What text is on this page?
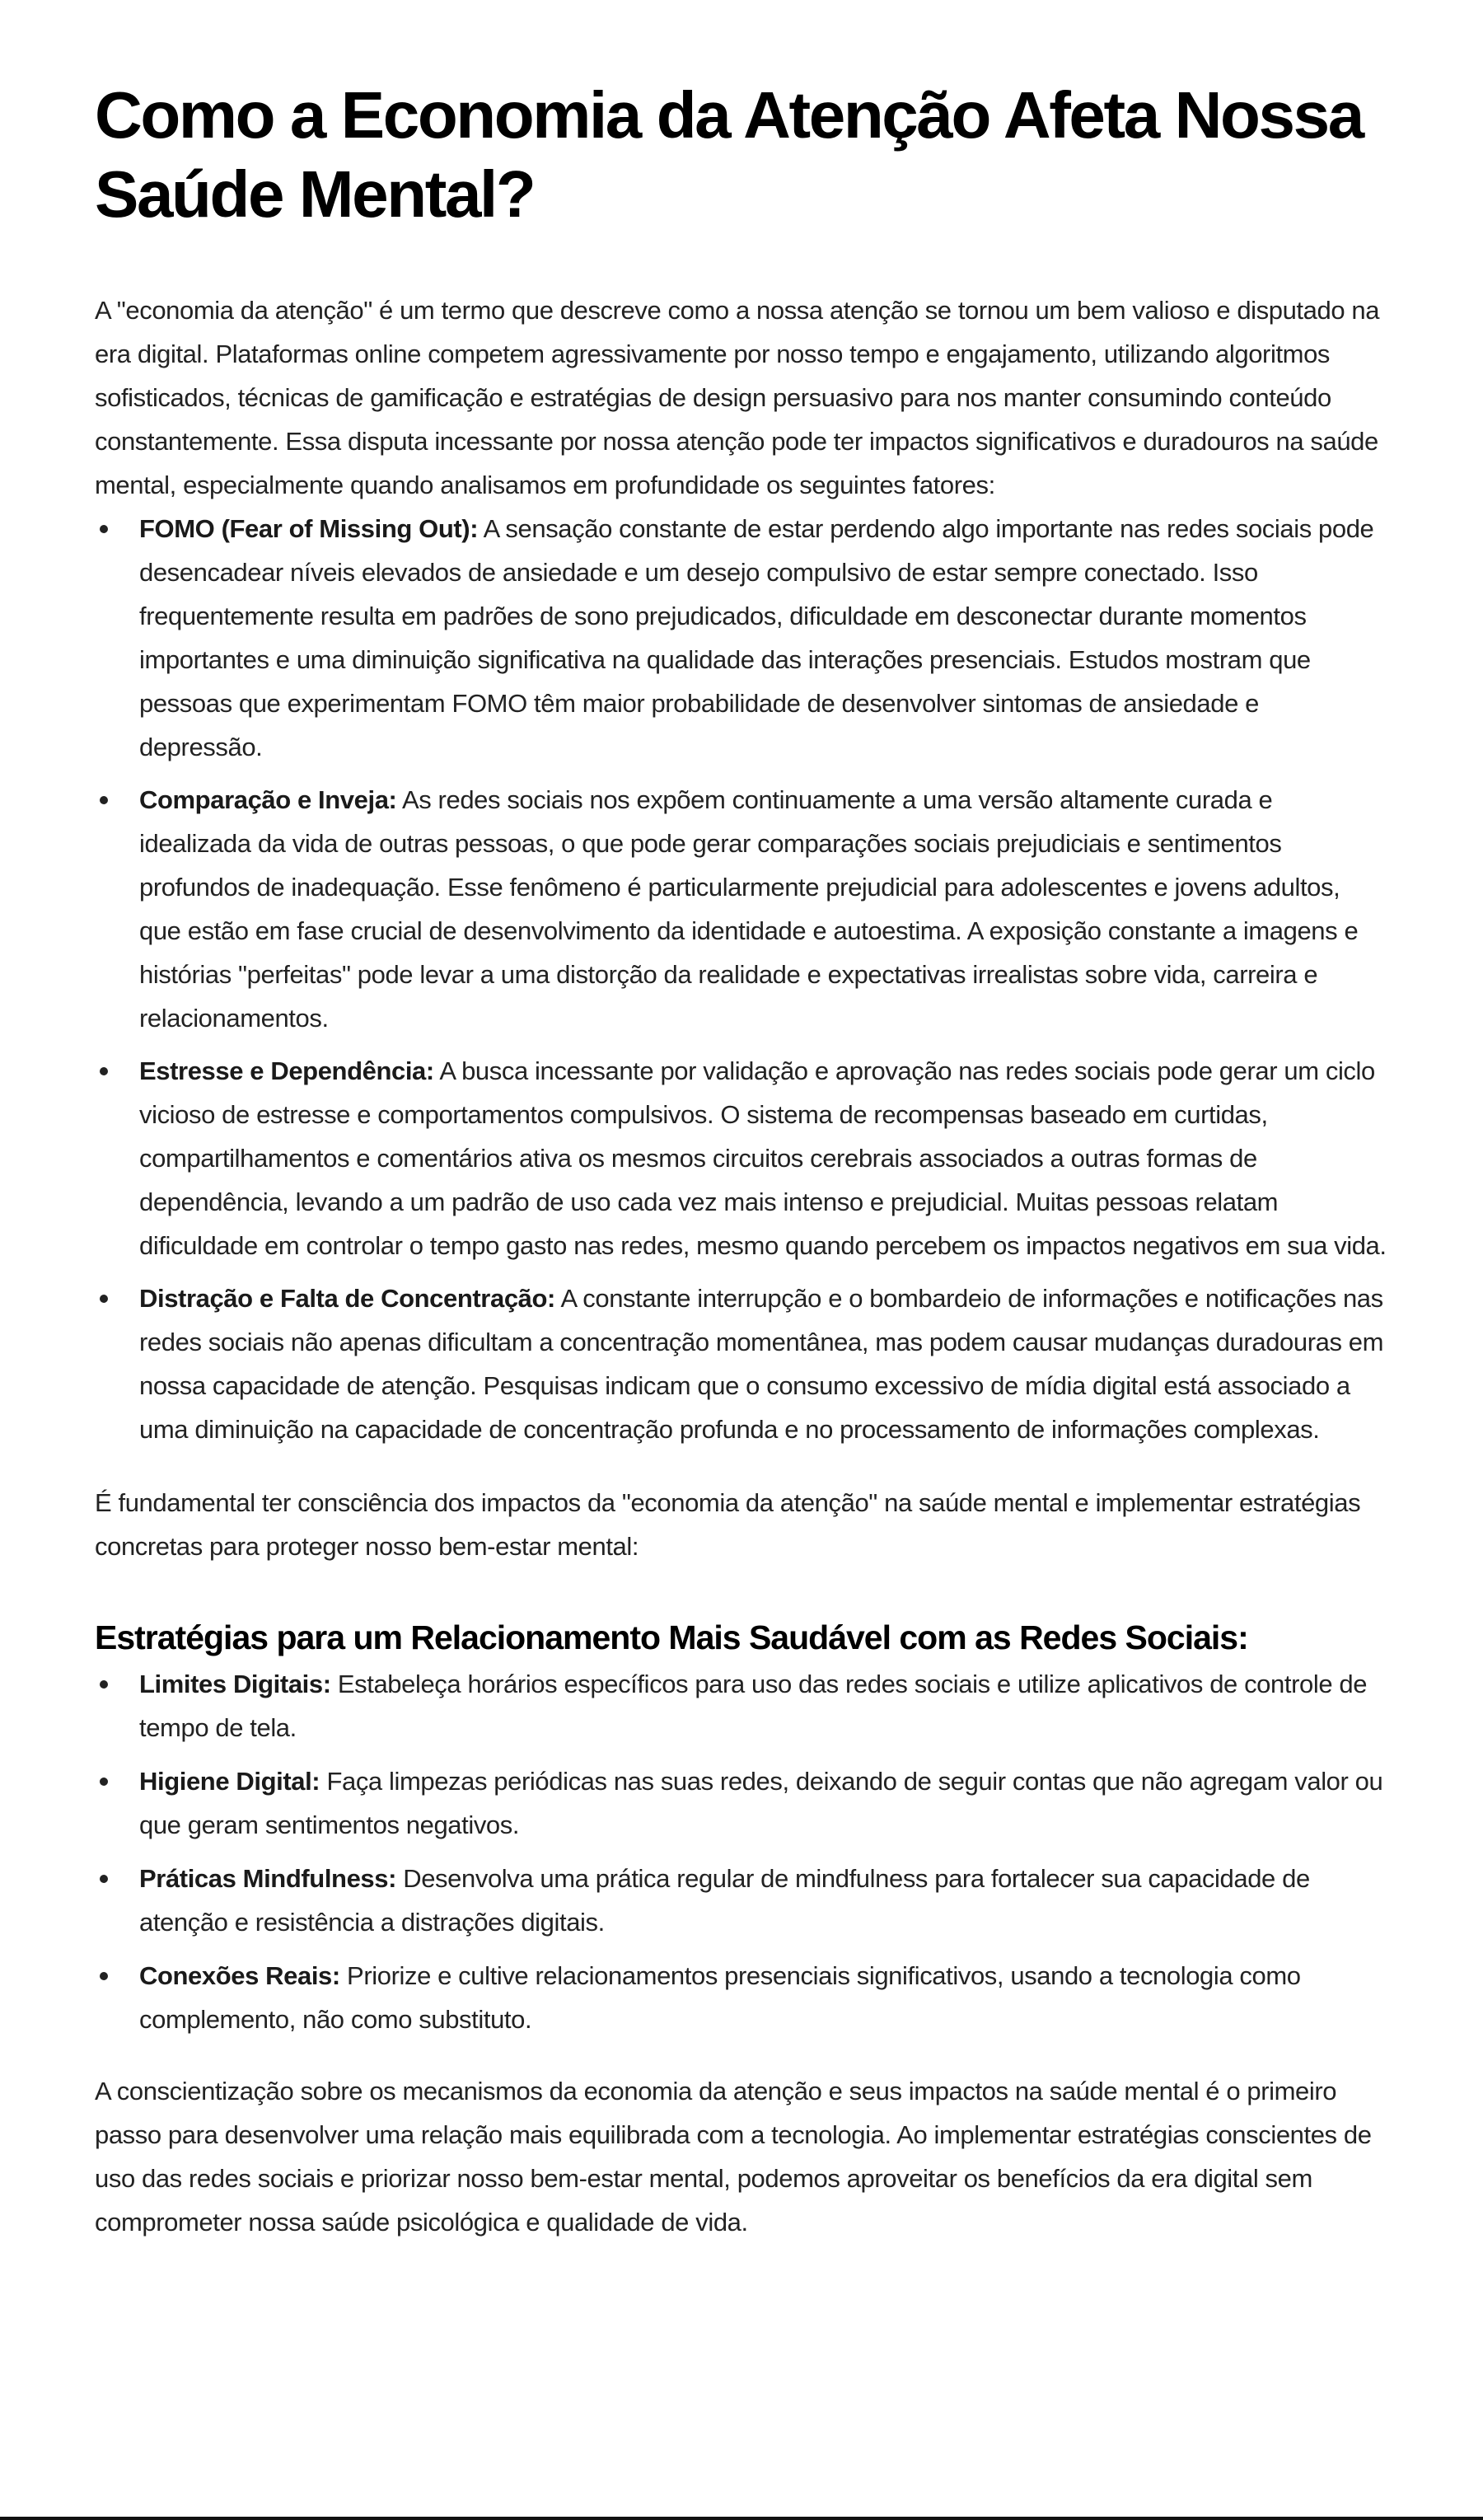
Como a Economia da Atenção Afeta Nossa Saúde Mental?

A "economia da atenção" é um termo que descreve como a nossa atenção se tornou um bem valioso e disputado na era digital. Plataformas online competem agressivamente por nosso tempo e engajamento, utilizando algoritmos sofisticados, técnicas de gamificação e estratégias de design persuasivo para nos manter consumindo conteúdo constantemente. Essa disputa incessante por nossa atenção pode ter impactos significativos e duradouros na saúde mental, especialmente quando analisamos em profundidade os seguintes fatores:

FOMO (Fear of Missing Out): A sensação constante de estar perdendo algo importante nas redes sociais pode desencadear níveis elevados de ansiedade e um desejo compulsivo de estar sempre conectado. Isso frequentemente resulta em padrões de sono prejudicados, dificuldade em desconectar durante momentos importantes e uma diminuição significativa na qualidade das interações presenciais. Estudos mostram que pessoas que experimentam FOMO têm maior probabilidade de desenvolver sintomas de ansiedade e depressão.
Comparação e Inveja: As redes sociais nos expõem continuamente a uma versão altamente curada e idealizada da vida de outras pessoas, o que pode gerar comparações sociais prejudiciais e sentimentos profundos de inadequação. Esse fenômeno é particularmente prejudicial para adolescentes e jovens adultos, que estão em fase crucial de desenvolvimento da identidade e autoestima. A exposição constante a imagens e histórias "perfeitas" pode levar a uma distorção da realidade e expectativas irrealistas sobre vida, carreira e relacionamentos.
Estresse e Dependência: A busca incessante por validação e aprovação nas redes sociais pode gerar um ciclo vicioso de estresse e comportamentos compulsivos. O sistema de recompensas baseado em curtidas, compartilhamentos e comentários ativa os mesmos circuitos cerebrais associados a outras formas de dependência, levando a um padrão de uso cada vez mais intenso e prejudicial. Muitas pessoas relatam dificuldade em controlar o tempo gasto nas redes, mesmo quando percebem os impactos negativos em sua vida.
Distração e Falta de Concentração: A constante interrupção e o bombardeio de informações e notificações nas redes sociais não apenas dificultam a concentração momentânea, mas podem causar mudanças duradouras em nossa capacidade de atenção. Pesquisas indicam que o consumo excessivo de mídia digital está associado a uma diminuição na capacidade de concentração profunda e no processamento de informações complexas.

É fundamental ter consciência dos impactos da "economia da atenção" na saúde mental e implementar estratégias concretas para proteger nosso bem-estar mental:

Estratégias para um Relacionamento Mais Saudável com as Redes Sociais:
Limites Digitais: Estabeleça horários específicos para uso das redes sociais e utilize aplicativos de controle de tempo de tela.
Higiene Digital: Faça limpezas periódicas nas suas redes, deixando de seguir contas que não agregam valor ou que geram sentimentos negativos.
Práticas Mindfulness: Desenvolva uma prática regular de mindfulness para fortalecer sua capacidade de atenção e resistência a distrações digitais.
Conexões Reais: Priorize e cultive relacionamentos presenciais significativos, usando a tecnologia como complemento, não como substituto.

A conscientização sobre os mecanismos da economia da atenção e seus impactos na saúde mental é o primeiro passo para desenvolver uma relação mais equilibrada com a tecnologia. Ao implementar estratégias conscientes de uso das redes sociais e priorizar nosso bem-estar mental, podemos aproveitar os benefícios da era digital sem comprometer nossa saúde psicológica e qualidade de vida.
